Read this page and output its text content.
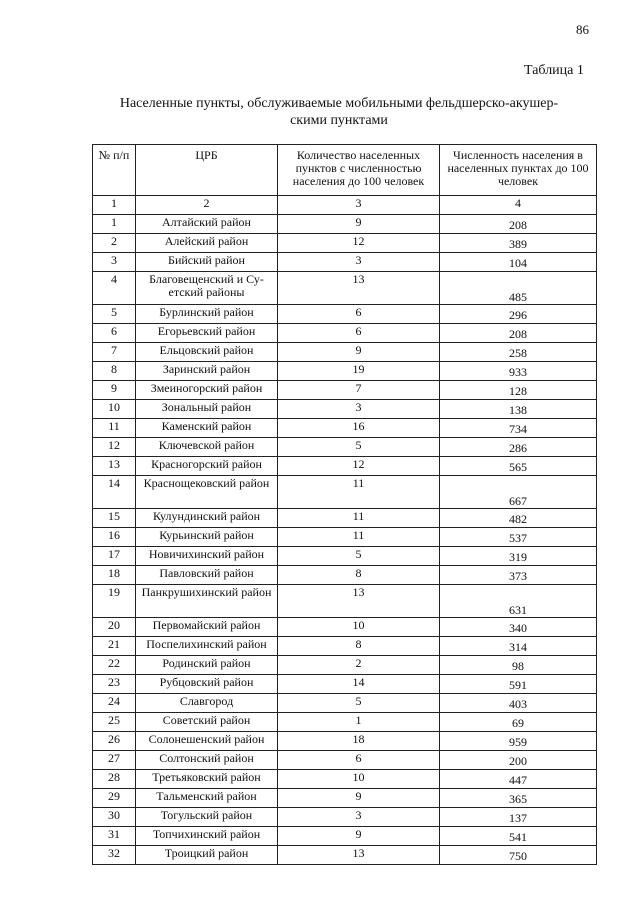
86
Таблица 1
Населенные пункты, обслуживаемые мобильными фельдшерско-акушер-
скими пунктами
№ п/п	ЦРБ	Количество населенных пунктов с численностью населения до 100 человек	Численность населения в населенных пунктах до 100 человек
1	2	3	4
1	Алтайский район	9	208
2	Алейский район	12	389
3	Бийский район	3	104
4	Благовещенский и Су-етский районы	13	485
5	Бурлинский район	6	296
6	Егорьевский район	6	208
7	Ельцовский район	9	258
8	Заринский район	19	933
9	Змеиногорский район	7	128
10	Зональный район	3	138
11	Каменский район	16	734
12	Ключевской район	5	286
13	Красногорский район	12	565
14	Краснощековский район	11	667
15	Кулундинский район	11	482
16	Курьинский район	11	537
17	Новичихинский район	5	319
18	Павловский район	8	373
19	Панкрушихинский район	13	631
20	Первомайский район	10	340
21	Поспелихинский район	8	314
22	Родинский район	2	98
23	Рубцовский район	14	591
24	Славгород	5	403
25	Советский район	1	69
26	Солонешенский район	18	959
27	Солтонский район	6	200
28	Третьяковский район	10	447
29	Тальменский район	9	365
30	Тогульский район	3	137
31	Топчихинский район	9	541
32	Троицкий район	13	750
